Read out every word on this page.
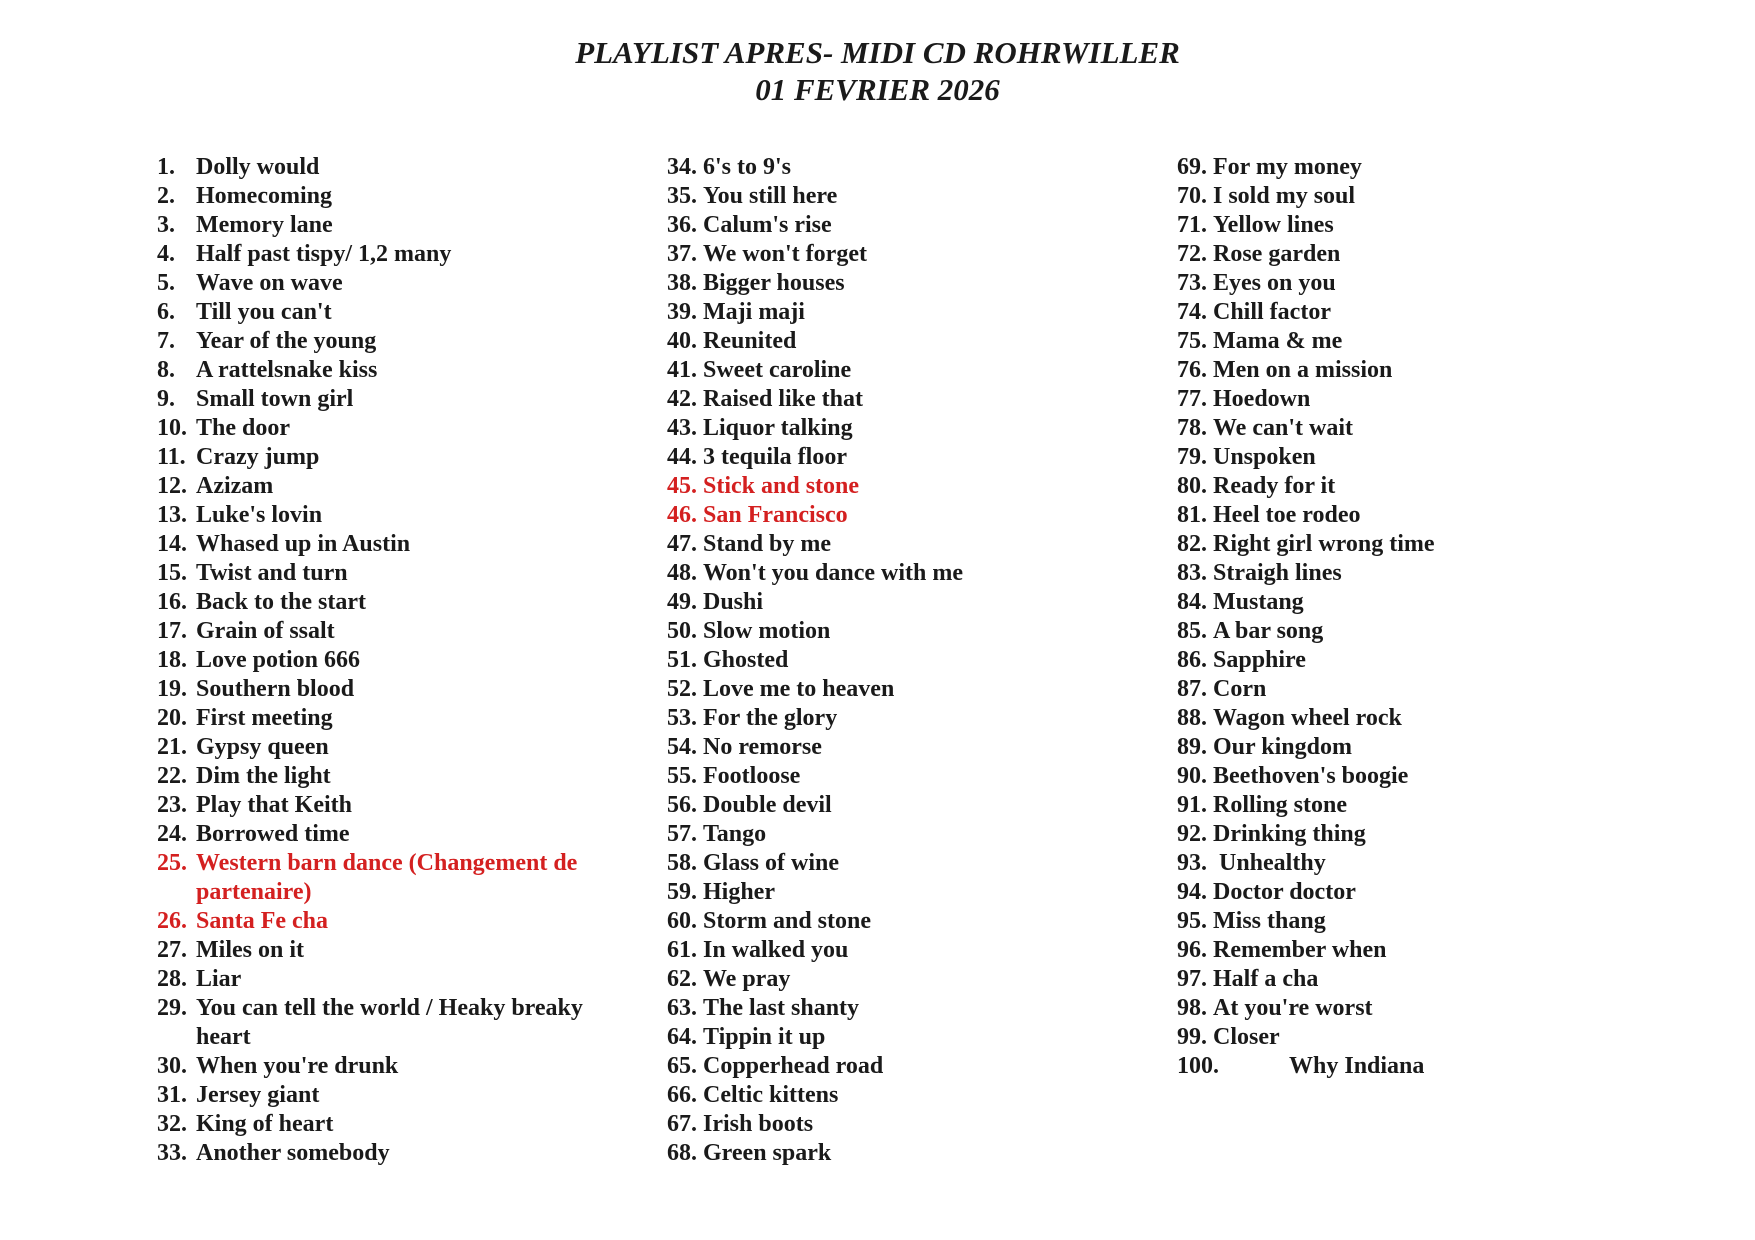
PLAYLIST APRES- MIDI CD ROHRWILLER
01 FEVRIER 2026
1. Dolly would
2. Homecoming
3. Memory lane
4. Half past tispy/ 1,2 many
5. Wave on wave
6. Till you can't
7. Year of the young
8. A rattelsnake kiss
9. Small town girl
10. The door
11. Crazy jump
12. Azizam
13. Luke's lovin
14. Whased up in Austin
15. Twist and turn
16. Back to the start
17. Grain of ssalt
18. Love potion 666
19. Southern blood
20. First meeting
21. Gypsy queen
22. Dim the light
23. Play that Keith
24. Borrowed time
25. Western barn dance (Changement de partenaire)
26. Santa Fe cha
27. Miles on it
28. Liar
29. You can tell the world / Heaky breaky heart
30. When you're drunk
31. Jersey giant
32. King of heart
33. Another somebody
34. 6's to 9's
35. You still here
36. Calum's rise
37. We won't forget
38. Bigger houses
39. Maji maji
40. Reunited
41. Sweet caroline
42. Raised like that
43. Liquor talking
44. 3 tequila floor
45. Stick and stone
46. San Francisco
47. Stand by me
48. Won't you dance with me
49. Dushi
50. Slow motion
51. Ghosted
52. Love me to heaven
53. For the glory
54. No remorse
55. Footloose
56. Double devil
57. Tango
58. Glass of wine
59. Higher
60. Storm and stone
61. In walked you
62. We pray
63. The last shanty
64. Tippin it up
65. Copperhead road
66. Celtic kittens
67. Irish boots
68. Green spark
69. For my money
70. I sold my soul
71. Yellow lines
72. Rose garden
73. Eyes on you
74. Chill factor
75. Mama & me
76. Men on a mission
77. Hoedown
78. We can't wait
79. Unspoken
80. Ready for it
81. Heel toe rodeo
82. Right girl wrong time
83. Straigh lines
84. Mustang
85. A bar song
86. Sapphire
87. Corn
88. Wagon wheel rock
89. Our kingdom
90. Beethoven's boogie
91. Rolling stone
92. Drinking thing
93. Unhealthy
94. Doctor doctor
95. Miss thang
96. Remember when
97. Half a cha
98. At you're worst
99. Closer
100.	Why Indiana
